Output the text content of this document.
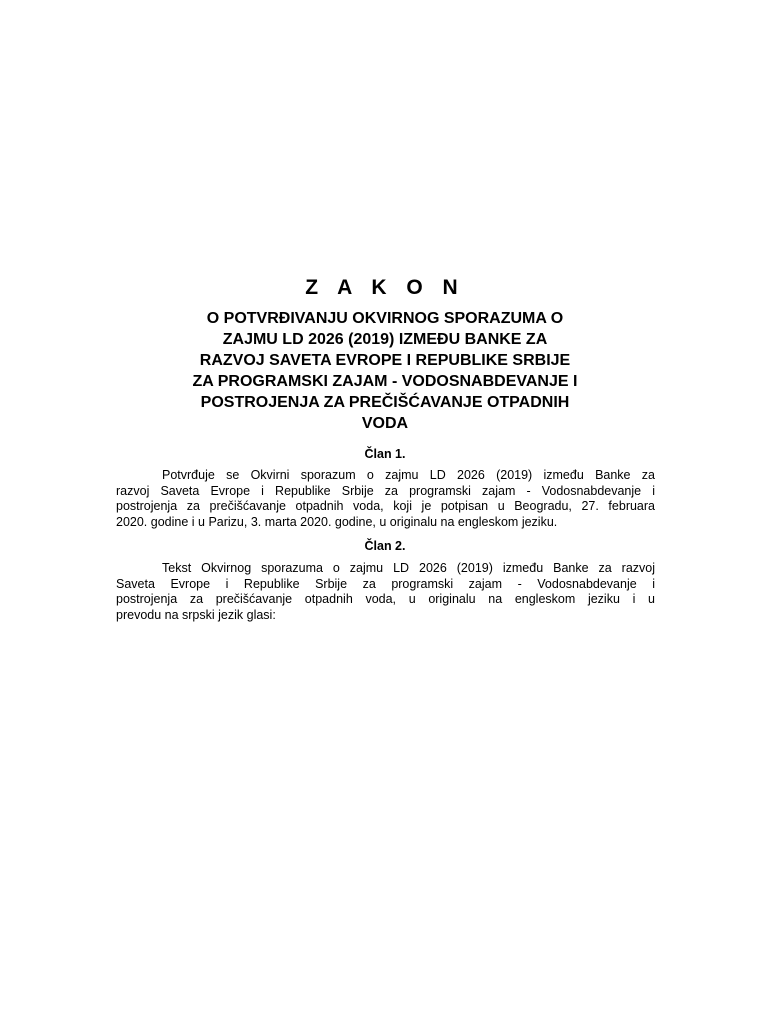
Z A K O N
O POTVRĐIVANJU OKVIRNOG SPORAZUMA O
ZAJMU LD 2026 (2019) IZMEĐU BANKE ZA
RAZVOJ SAVETA EVROPE I REPUBLIKE SRBIJE
ZA PROGRAMSKI ZAJAM - VODOSNABDEVANJE I
POSTROJENJA ZA PREČIŠĆAVANJE OTPADNIH
VODA
Član 1.

Potvrđuje se Okvirni sporazum o zajmu LD 2026 (2019) između Banke za
razvoj Saveta Evrope i Republike Srbije za programski zajam - Vodosnabdevanje i
postrojenja za prečišćavanje otpadnih voda, koji je potpisan u Beogradu, 27. februara
2020. godine i u Parizu, 3. marta 2020. godine, u originalu na engleskom jeziku.

Član 2.

Tekst Okvirnog sporazuma o zajmu LD 2026 (2019) između Banke za razvoj
Saveta Evrope i Republike Srbije za programski zajam - Vodosnabdevanje i
postrojenja za prečišćavanje otpadnih voda, u originalu na engleskom jeziku i u
prevodu na srpski jezik glasi:
